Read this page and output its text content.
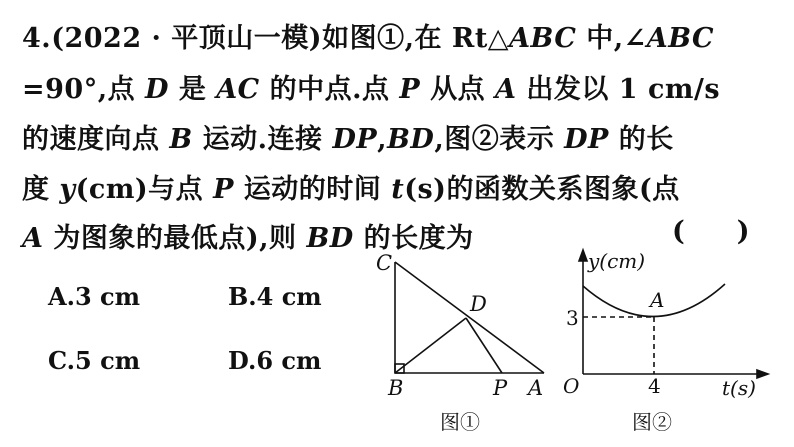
4.(2022 · 平顶山一模)如图①,在 Rt△ABC 中,∠ABC
=90°,点 D 是 AC 的中点.点 P 从点 A 出发以 1 cm/s
的速度向点 B 运动.连接 DP,BD,图②表示 DP 的长
度 y(cm)与点 P 运动的时间 t(s)的函数关系图象(点
A 为图象的最低点),则 BD 的长度为	( )
A.3 cm	B.4 cm
C.5 cm	D.6 cm
C
D
B	P A
图①
y(cm)
t(s)
O
A
3
4
图②
